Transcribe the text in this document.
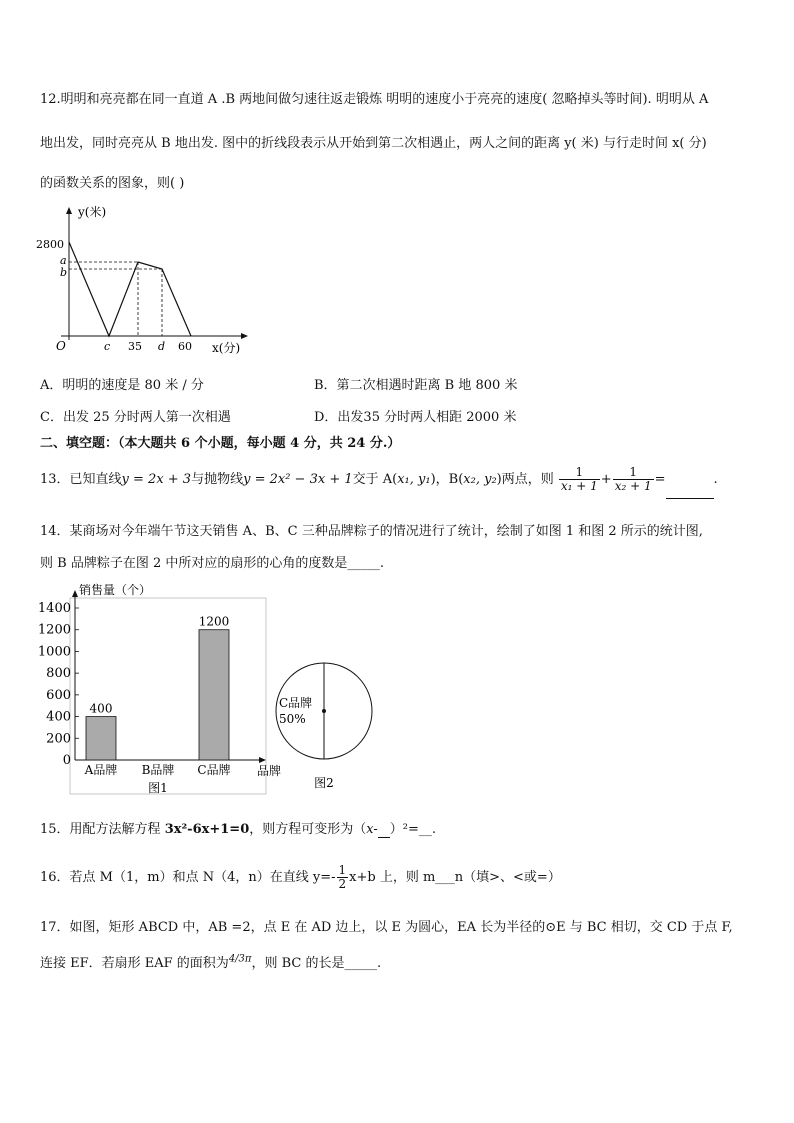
12.明明和亮亮都在同一直道 A .B 两地间做匀速往返走锻炼 明明的速度小于亮亮的速度( 忽略掉头等时间). 明明从 A
地出发，同时亮亮从 B 地出发. 图中的折线段表示从开始到第二次相遇止，两人之间的距离 y( 米) 与行走时间 x( 分)
的函数关系的图象，则( )
y(米)
x(分)
O
2800
a
b
c 35 d 60
A．明明的速度是 80 米 / 分	B．第二次相遇时距离 B 地 800 米
C．出发 25 分时两人第一次相遇	D．出发35 分时两人相距 2000 米
二、填空题：（本大题共 6 个小题，每小题 4 分，共 24 分.）
13．已知直线y = 2x + 3与抛物线y = 2x² − 3x + 1交于 A(x₁, y₁)，B(x₂, y₂)两点，则 $\frac{1}{\text{x₁ + 1}} + \frac{1}{\text{x₂ + 1}}$ =	.
14．某商场对今年端午节这天销售 A、B、C 三种品牌粽子的情况进行了统计，绘制了如图 1 和图 2 所示的统计图,
则 B 品牌粽子在图 2 中所对应的扇形的心角的度数是_____.
销售量（个）
品牌
0
200
400
600
800
1000
1200
1400
400
A品牌 B品牌
1200
C品牌
图1
C品牌
50%
图2
15．用配方法解方程 3x²-6x+1=0，则方程可变形为（x- ）²=__.
16．若点 M（1，m）和点 N（4，n）在直线 $y=- \frac{1}{2} x+b$ 上，则 m___n（填>、<或=）
17．如图，矩形 ABCD 中，AB =2，点 E 在 AD 边上，以 E 为圆心，EA 长为半径的⊙E 与 BC 相切，交 CD 于点 F,
连接 EF．若扇形 EAF 的面积为$^{4/3\pi}$，则 BC 的长是_____.
